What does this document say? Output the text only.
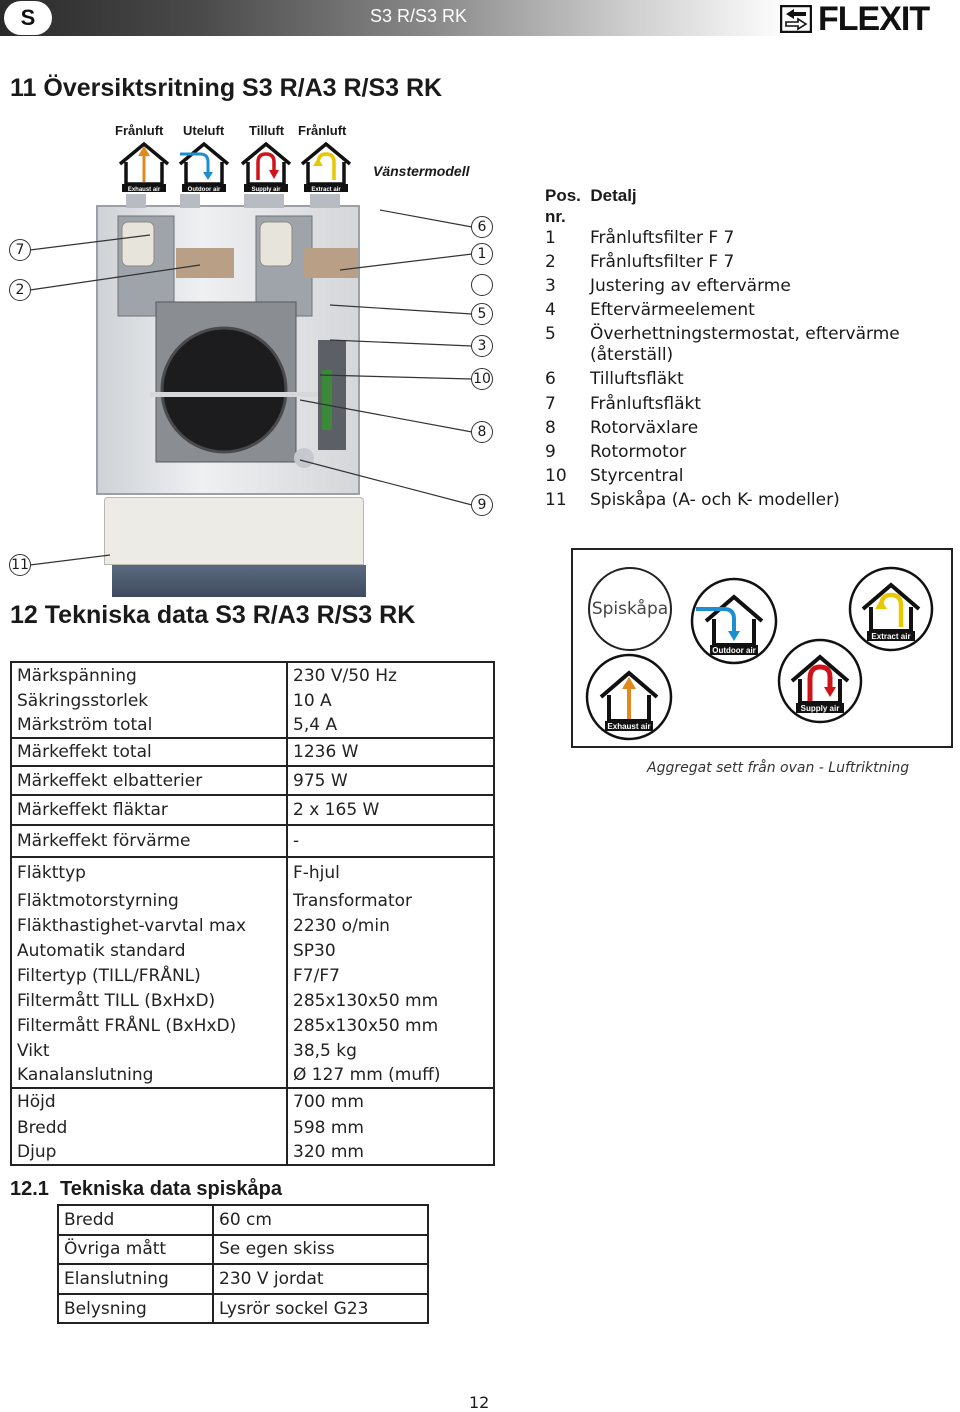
S	S3 R/S3 RK	FLEXIT
11 Översiktsritning S3 R/A3 R/S3 RK
Frånluft Uteluft Tilluft Frånluft
Exhaust air	Outdoor air	Supply air	Extract air
Vänstermodell
7
2
6
1
5
3
10
8
9
11
Pos.  Detalj
nr.
1	Frånluftsfilter F 7
2	Frånluftsfilter F 7
3	Justering av eftervärme
4	Eftervärmeelement
5	Överhettningstermostat, eftervärme
(återställ)
6	Tilluftsfläkt
7	Frånluftsfläkt
8	Rotorväxlare
9	Rotormotor
10	Styrcentral
11	Spiskåpa (A- och K- modeller)
12 Tekniska data S3 R/A3 R/S3 RK	Spiskåpa
Outdoor air
Extract air
Supply air
Exhaust air
Aggregat sett från ovan - Luftriktning
Märkspänning	230 V/50 Hz
Säkringsstorlek	10 A
Märkström total	5,4 A
Märkeffekt total	1236 W
Märkeffekt elbatterier	975 W
Märkeffekt fläktar	2 x 165 W
Märkeffekt förvärme	-
Fläkttyp	F-hjul
Fläktmotorstyrning	Transformator
Fläkthastighet-varvtal max	2230 o/min
Automatik standard	SP30
Filtertyp (TILL/FRÅNL)	F7/F7
Filtermått TILL (BxHxD)	285x130x50 mm
Filtermått FRÅNL (BxHxD)	285x130x50 mm
Vikt	38,5 kg
Kanalanslutning	Ø 127 mm (muff)
Höjd	700 mm
Bredd	598 mm
Djup	320 mm
12.1  Tekniska data spiskåpa
Bredd	60 cm
Övriga mått	Se egen skiss
Elanslutning	230 V jordat
Belysning	Lysrör sockel G23
12
